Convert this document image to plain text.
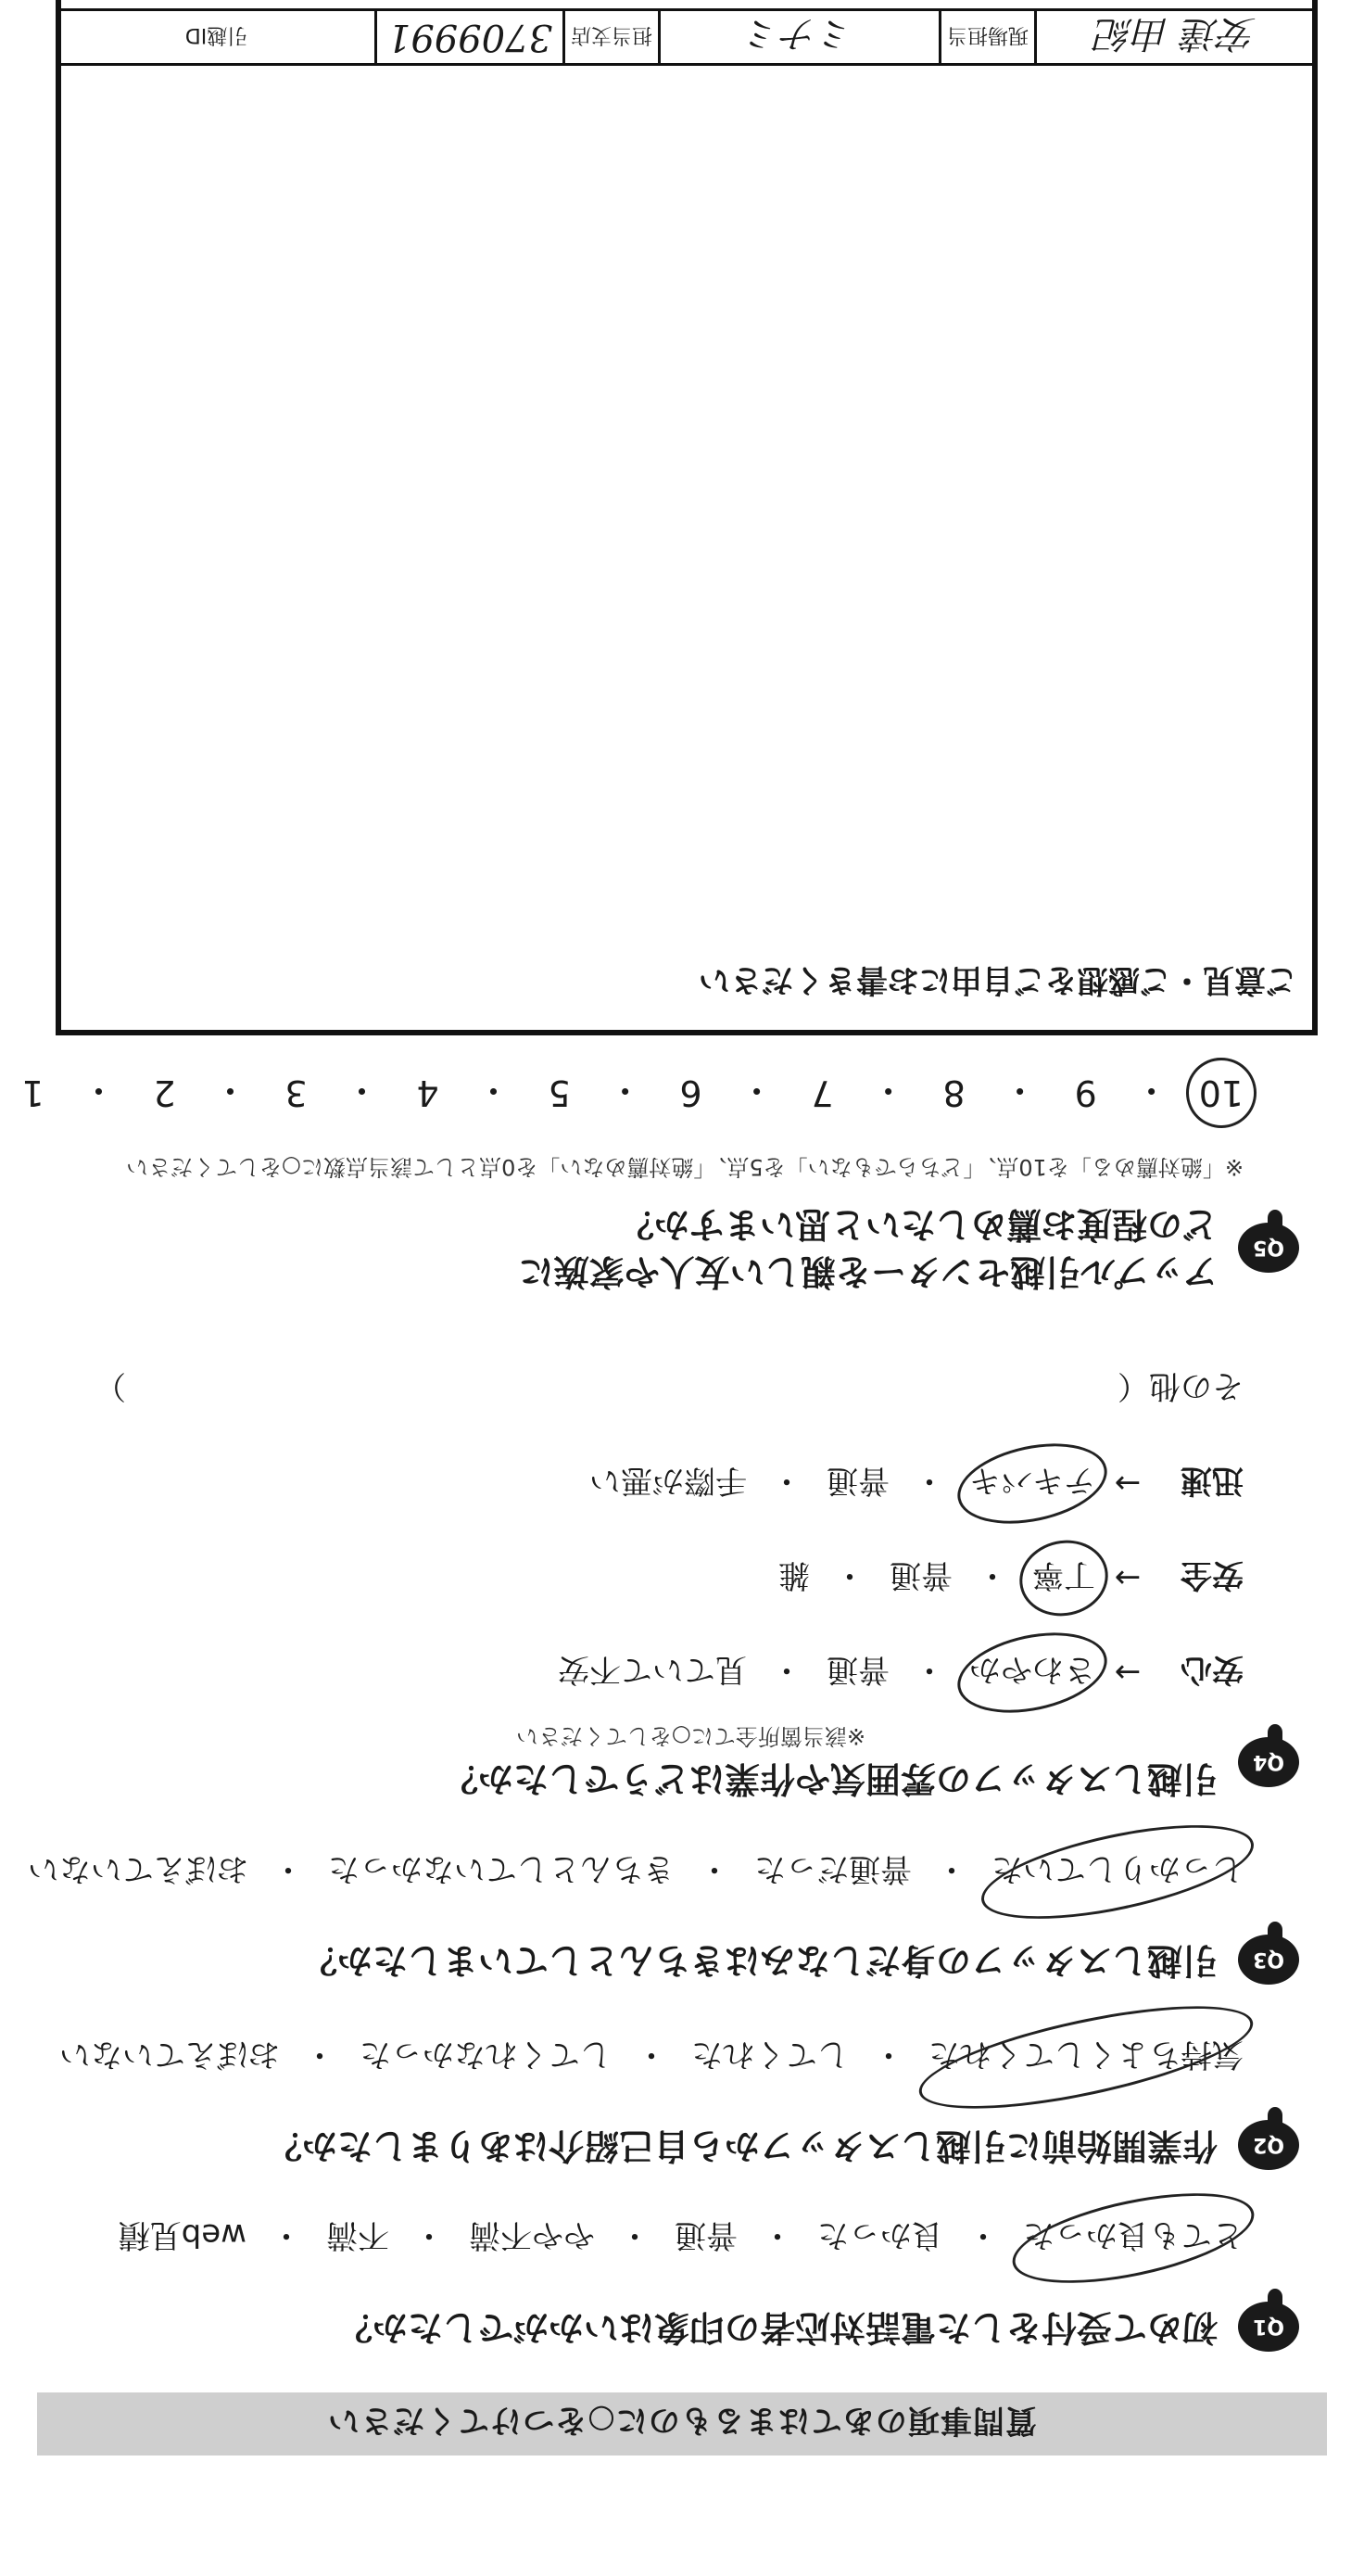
質問事項のあてはまるものに○をつけてください
Q1
初めて受付をした電話対応者の印象はいかがでしたか？
とても良かった
・
良かった
・
普通
・
やや不満
・
不満
・
web見積
Q2
作業開始前に引越しスタッフから自己紹介はありましたか？
気持ちよくしてくれた
・
してくれた
・
してくれなかった
・
おぼえていない
Q3
引越しスタッフの身だしなみはきちんとしていましたか？
しっかりしていた
・
普通だった
・
きちんとしていなかった
・
おぼえていない
Q4
引越しスタッフの雰囲気や作業はどうでしたか？
※該当箇所全てに○をしてください
安心
→
さわやか
・
普通
・
見ていて不安
安全
→
丁寧
・
普通
・
雑
迅速
→
テキパキ
・
普通
・
手際が悪い
その他（
）
Q5
アップル引越センターを親しい友人や家族に
どの程度お薦めしたいと思いますか？
※「絶対薦める」を10点、「どちらでもない」を5点、「絶対薦めない」を0点として該当点数に○をしてください
10
・
9
・
8
・
7
・
6
・
5
・
4
・
3
・
2
・
1
ご意見・ご感想をご自由にお書きください
安達 由紀
現場担当
ミナミ
担当支店
3709991
引越ID
